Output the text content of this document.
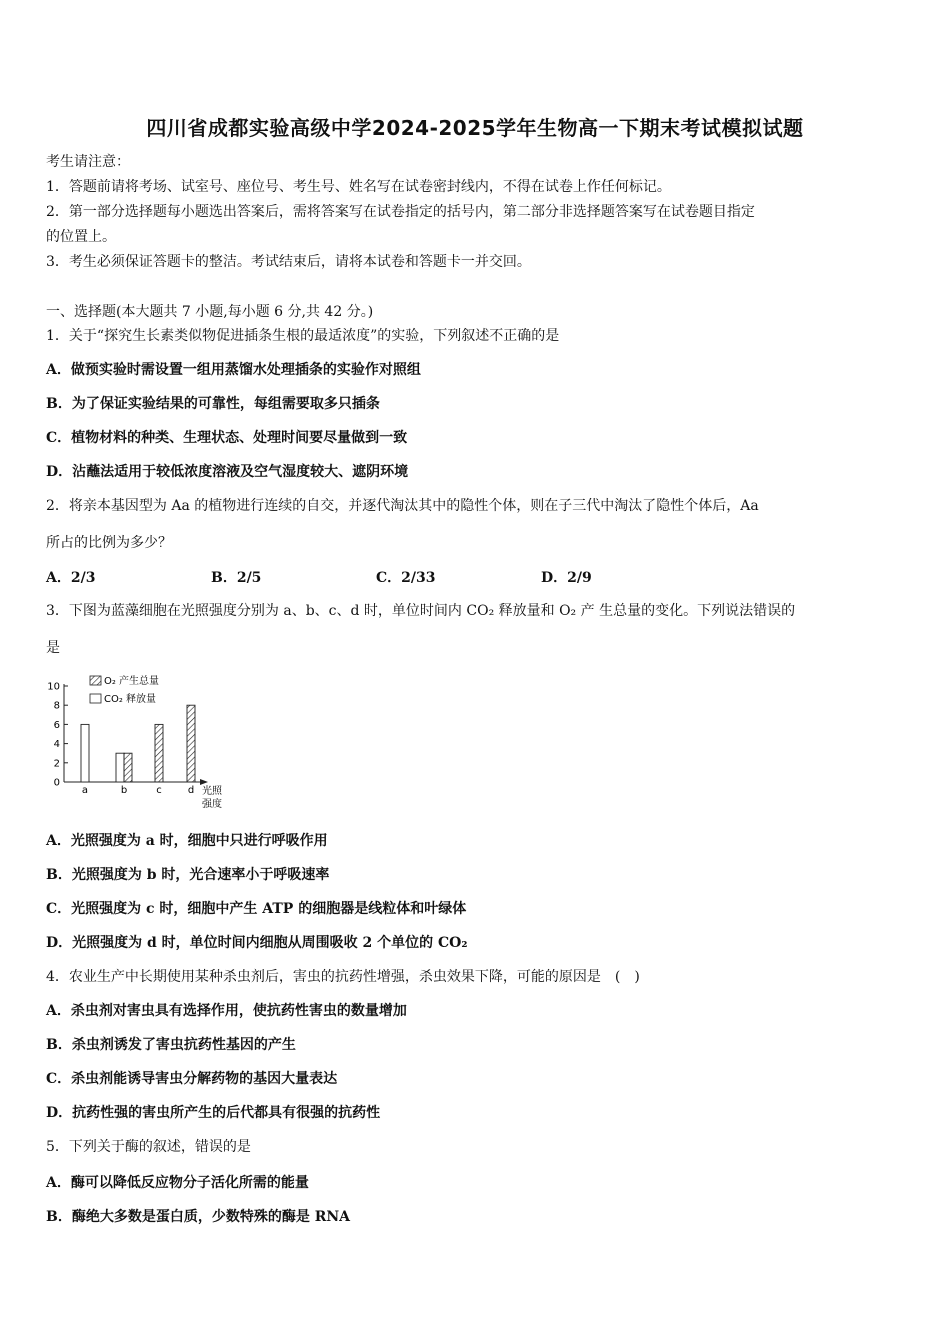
四川省成都实验高级中学2024-2025学年生物高一下期末考试模拟试题
考生请注意：
1．答题前请将考场、试室号、座位号、考生号、姓名写在试卷密封线内，不得在试卷上作任何标记。
2．第一部分选择题每小题选出答案后，需将答案写在试卷指定的括号内，第二部分非选择题答案写在试卷题目指定
的位置上。
3．考生必须保证答题卡的整洁。考试结束后，请将本试卷和答题卡一并交回。
一、选择题(本大题共 7 小题,每小题 6 分,共 42 分。)
1．关于“探究生长素类似物促进插条生根的最适浓度”的实验，下列叙述不正确的是
A．做预实验时需设置一组用蒸馏水处理插条的实验作对照组
B．为了保证实验结果的可靠性，每组需要取多只插条
C．植物材料的种类、生理状态、处理时间要尽量做到一致
D．沾蘸法适用于较低浓度溶液及空气湿度较大、遮阴环境
2．将亲本基因型为 Aa 的植物进行连续的自交，并逐代淘汰其中的隐性个体，则在子三代中淘汰了隐性个体后，Aa
所占的比例为多少？
A．2/3	B．2/5	C．2/33	D．2/9
3．下图为蓝藻细胞在光照强度分别为 a、b、c、d 时，单位时间内 CO₂ 释放量和 O₂ 产 生总量的变化。下列说法错误的
是
O₂ 产生总量
CO₂ 释放量
0
2
4
6
8
10
a	b	c	d 光照
强度
A．光照强度为 a 时，细胞中只进行呼吸作用
B．光照强度为 b 时，光合速率小于呼吸速率
C．光照强度为 c 时，细胞中产生 ATP 的细胞器是线粒体和叶绿体
D．光照强度为 d 时，单位时间内细胞从周围吸收 2 个单位的 CO₂
4．农业生产中长期使用某种杀虫剂后，害虫的抗药性增强，杀虫效果下降，可能的原因是　(　)
A．杀虫剂对害虫具有选择作用，使抗药性害虫的数量增加
B．杀虫剂诱发了害虫抗药性基因的产生
C．杀虫剂能诱导害虫分解药物的基因大量表达
D．抗药性强的害虫所产生的后代都具有很强的抗药性
5．下列关于酶的叙述，错误的是
A．酶可以降低反应物分子活化所需的能量
B．酶绝大多数是蛋白质，少数特殊的酶是 RNA
